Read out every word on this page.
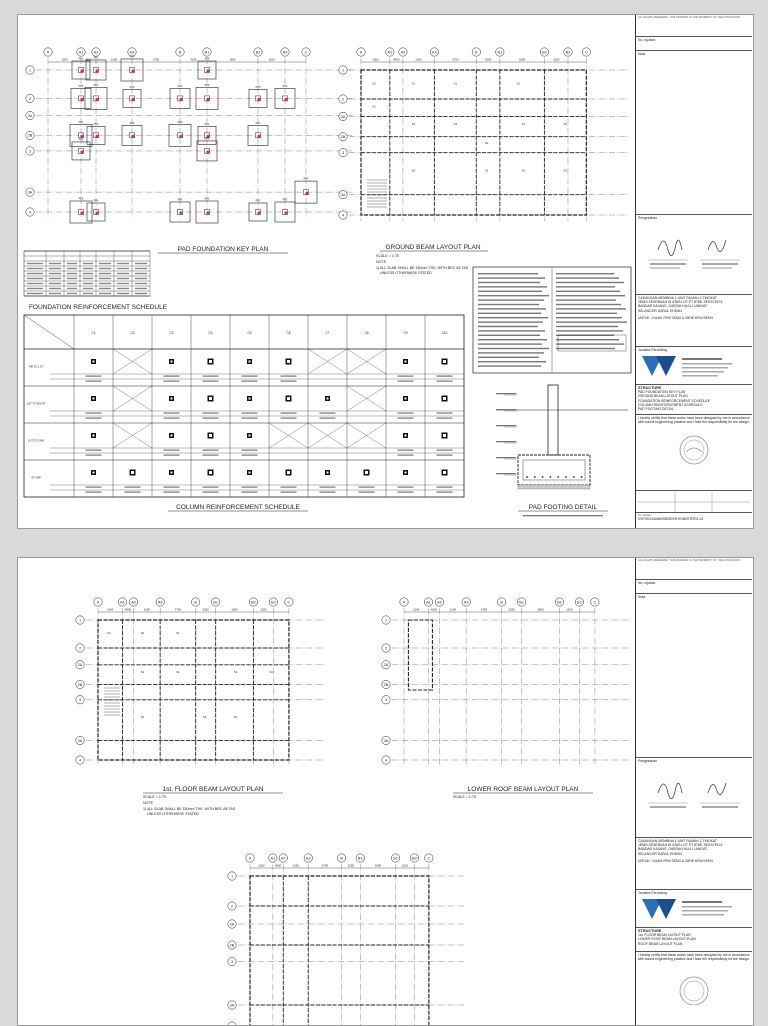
A	A1	A2	A3	B	B1	B2	B3	C
1
2
2A
2B
3
3A
4
1260	4600	2100	2750	3250	1600	1520
PF1	PF2	PF3
PF4
PF5	PF1
PF2	PF3	PF4
PF5	PF1
PF2
PF3	PF4	PF5
PF1	PF2
PF3
PF4	PF5	PF1
PF2	PF3
PF4
PF5	PF1
PAD FOUNDATION KEY PLAN
A	A1 A2	A3	B	B1	B2	B3	C
1
2
2A
2B
3
3A
4
1260	4600	2100	2750	3250	1600	1520
S1	S1	S1	S1
S1
S1	S1
S1
S1	S1
S1	S1	S1	S1
GROUND BEAM LAYOUT PLAN
SCALE = 1:75
NOTE
1) ALL SLAB SHALL BE 150mm THK. WITH BRC A8 TAS
UNLESS OTHERWISE STATED
FOUNDATION REINFORCEMENT SCHEDULE
C1	C2	C3	C4	C5	C6	C7	C8	C9	C10
RB TO 1ST
1ST TO ROOF
1ST TO 2ND
STUMP
COLUMN REINFORCEMENT SCHEDULE	PAD FOOTING DETAIL
ALL RIGHTS RESERVED. THIS DRAWING IS THE PROPERTY OF THE CONSULTANT.
No. rujukan
Nota
Pengesahan
CADANGAN MEMBINA 1 UNIT RUMAH 2 TINGKAT
JENIS SESEBUAH DI ATAS LOT PT 8768, SEKSYEN 6
BANDAR KAJANG, DAERAH HULU LANGAT,
SELANGOR DARUL EHSAN.
UNTUK : KUAN YEW SENG & SIEW KEW KENG
Jurutera Perunding
STRUCTURE
PAD FOUNDATION KEY PLAN
GROUND BEAM LAYOUT PLAN
FOUNDATION REINFORCEMENT SCHEDULE
COLUMN REINFORCEMENT SCHEDULE
PAD FOOTING DETAIL
I hereby certify that these works have been designed by me in accordance with sound engineering practice and I take full responsibility for the design.
No. lukisan
VSF/2024/AWB/SB/SEKSYEN6/STR/01-03
A	A1 A2	A3	B	B1	B2	B3	C
1
2
2A
2B
3
3A
4
1260	4600	2100	2750	3250	1600	1520
S1	S1	S1
S1	S1	S1	S1
S1	S1	S1
1st. FLOOR BEAM LAYOUT PLAN
SCALE = 1:75
NOTE
1) ALL SLAB SHALL BE 150mm THK. WITH BRC A8 TAS
UNLESS OTHERWISE STATED
A	A1 A2	A3	B	B1	B2	B3	C
1
2
2A
2B
3
3A
4
1260	4600	2100	2750	3250	1600	1520
LOWER ROOF BEAM LAYOUT PLAN
SCALE = 1:75
A	A1 A2	A3	B	B1	B2	B3	C
1
2
2A
2B
3
3A
1260	4600	2100	2750	3250	1600	1520
ALL RIGHTS RESERVED. THIS DRAWING IS THE PROPERTY OF THE CONSULTANT.
No. rujukan
Nota
Pengesahan
CADANGAN MEMBINA 1 UNIT RUMAH 2 TINGKAT
JENIS SESEBUAH DI ATAS LOT PT 8768, SEKSYEN 6
BANDAR KAJANG, DAERAH HULU LANGAT,
SELANGOR DARUL EHSAN.
UNTUK : KUAN YEW SENG & SIEW KEW KENG
Jurutera Perunding
STRUCTURE
1st. FLOOR BEAM LAYOUT PLAN
LOWER ROOF BEAM LAYOUT PLAN
ROOF BEAM LAYOUT PLAN
I hereby certify that these works have been designed by me in accordance with sound engineering practice and I take full responsibility for the design.
